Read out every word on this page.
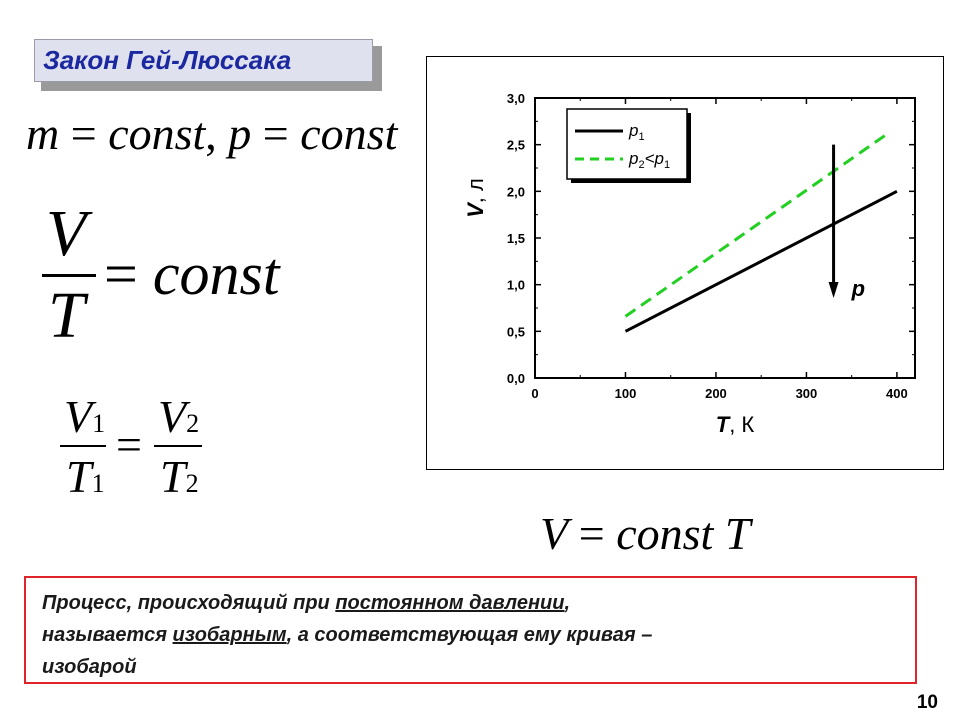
Закон Гей-Люссака
m = const, p = const
V
T
= const
V1
T1
=
V2
T2
0	100	200	300	400
0,0
0,5
1,0
1,5
2,0
2,5
3,0
p
$p_1$
$p_2<p_1$
T, К
V, л
V = const T
Процесс, происходящий при постоянном давлении,
называется изобарным, а соответствующая ему кривая –
изобарой
10
